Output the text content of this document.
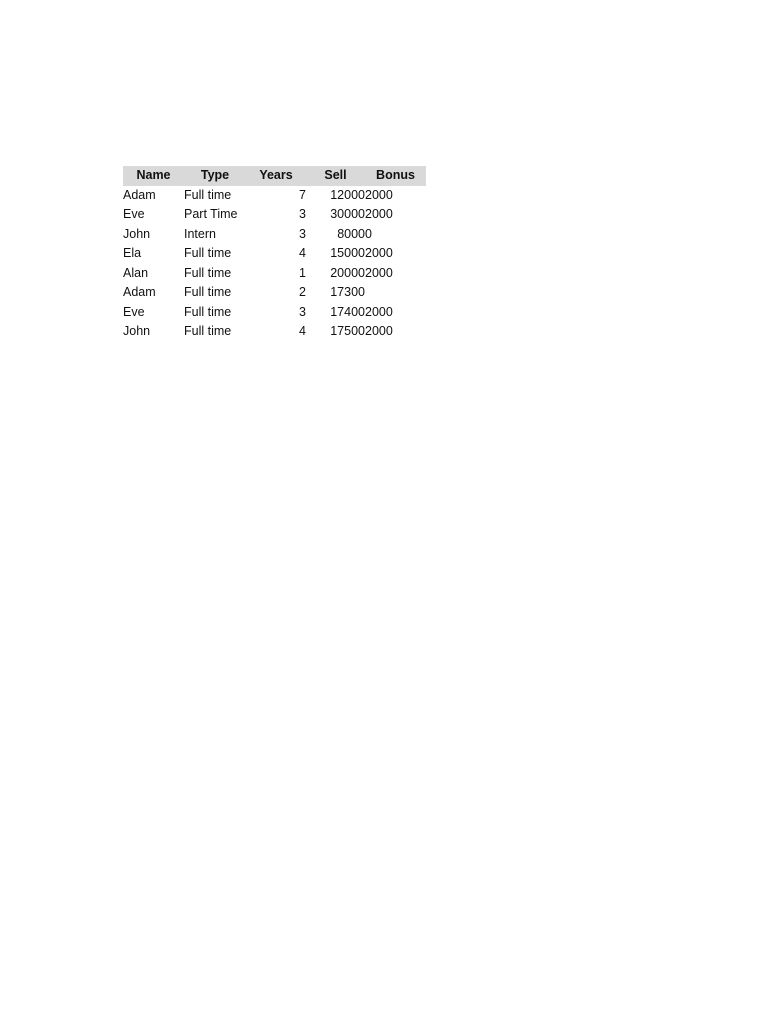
Name	Type	Years	Sell	Bonus
Adam	Full time	7	12000	2000
Eve	Part Time	3	30000	2000
John	Intern	3	8000	0
Ela	Full time	4	15000	2000
Alan	Full time	1	20000	2000
Adam	Full time	2	17300	
Eve	Full time	3	17400	2000
John	Full time	4	17500	2000
